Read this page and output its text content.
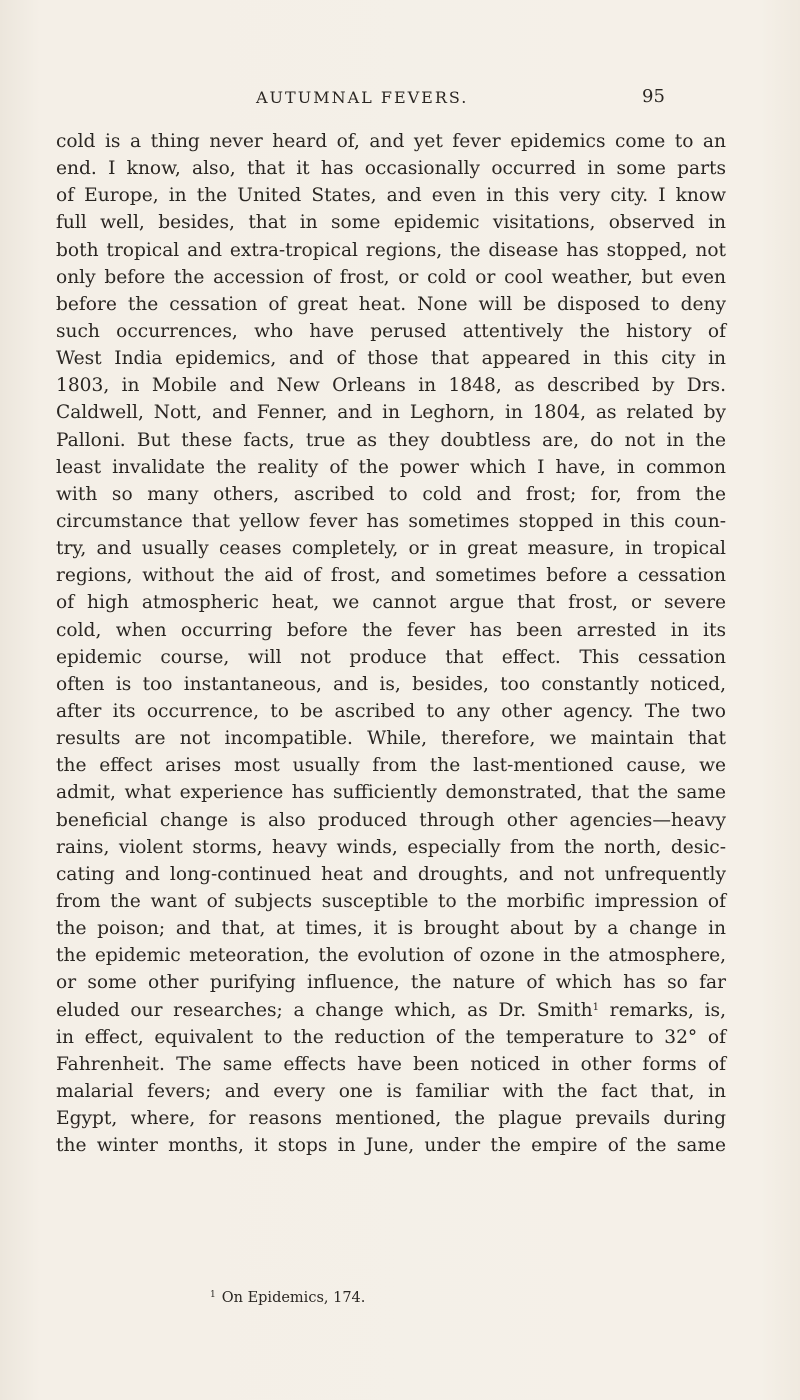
AUTUMNAL FEVERS.	95
cold is a thing never heard of, and yet fever epidemics come to an
end. I know, also, that it has occasionally occurred in some parts
of Europe, in the United States, and even in this very city. I know
full well, besides, that in some epidemic visitations, observed in
both tropical and extra-tropical regions, the disease has stopped, not
only before the accession of frost, or cold or cool weather, but even
before the cessation of great heat. None will be disposed to deny
such occurrences, who have perused attentively the history of
West India epidemics, and of those that appeared in this city in
1803, in Mobile and New Orleans in 1848, as described by Drs.
Caldwell, Nott, and Fenner, and in Leghorn, in 1804, as related by
Palloni. But these facts, true as they doubtless are, do not in the
least invalidate the reality of the power which I have, in common
with so many others, ascribed to cold and frost; for, from the
circumstance that yellow fever has sometimes stopped in this coun-
try, and usually ceases completely, or in great measure, in tropical
regions, without the aid of frost, and sometimes before a cessation
of high atmospheric heat, we cannot argue that frost, or severe
cold, when occurring before the fever has been arrested in its
epidemic course, will not produce that effect. This cessation
often is too instantaneous, and is, besides, too constantly noticed,
after its occurrence, to be ascribed to any other agency. The two
results are not incompatible. While, therefore, we maintain that
the effect arises most usually from the last-mentioned cause, we
admit, what experience has sufficiently demonstrated, that the same
beneficial change is also produced through other agencies—heavy
rains, violent storms, heavy winds, especially from the north, desic-
cating and long-continued heat and droughts, and not unfrequently
from the want of subjects susceptible to the morbific impression of
the poison; and that, at times, it is brought about by a change in
the epidemic meteoration, the evolution of ozone in the atmosphere,
or some other purifying influence, the nature of which has so far
eluded our researches; a change which, as Dr. Smith$^1$ remarks, is,
in effect, equivalent to the reduction of the temperature to 32° of
Fahrenheit. The same effects have been noticed in other forms of
malarial fevers; and every one is familiar with the fact that, in
Egypt, where, for reasons mentioned, the plague prevails during
the winter months, it stops in June, under the empire of the same
$^1$ On Epidemics, 174.
